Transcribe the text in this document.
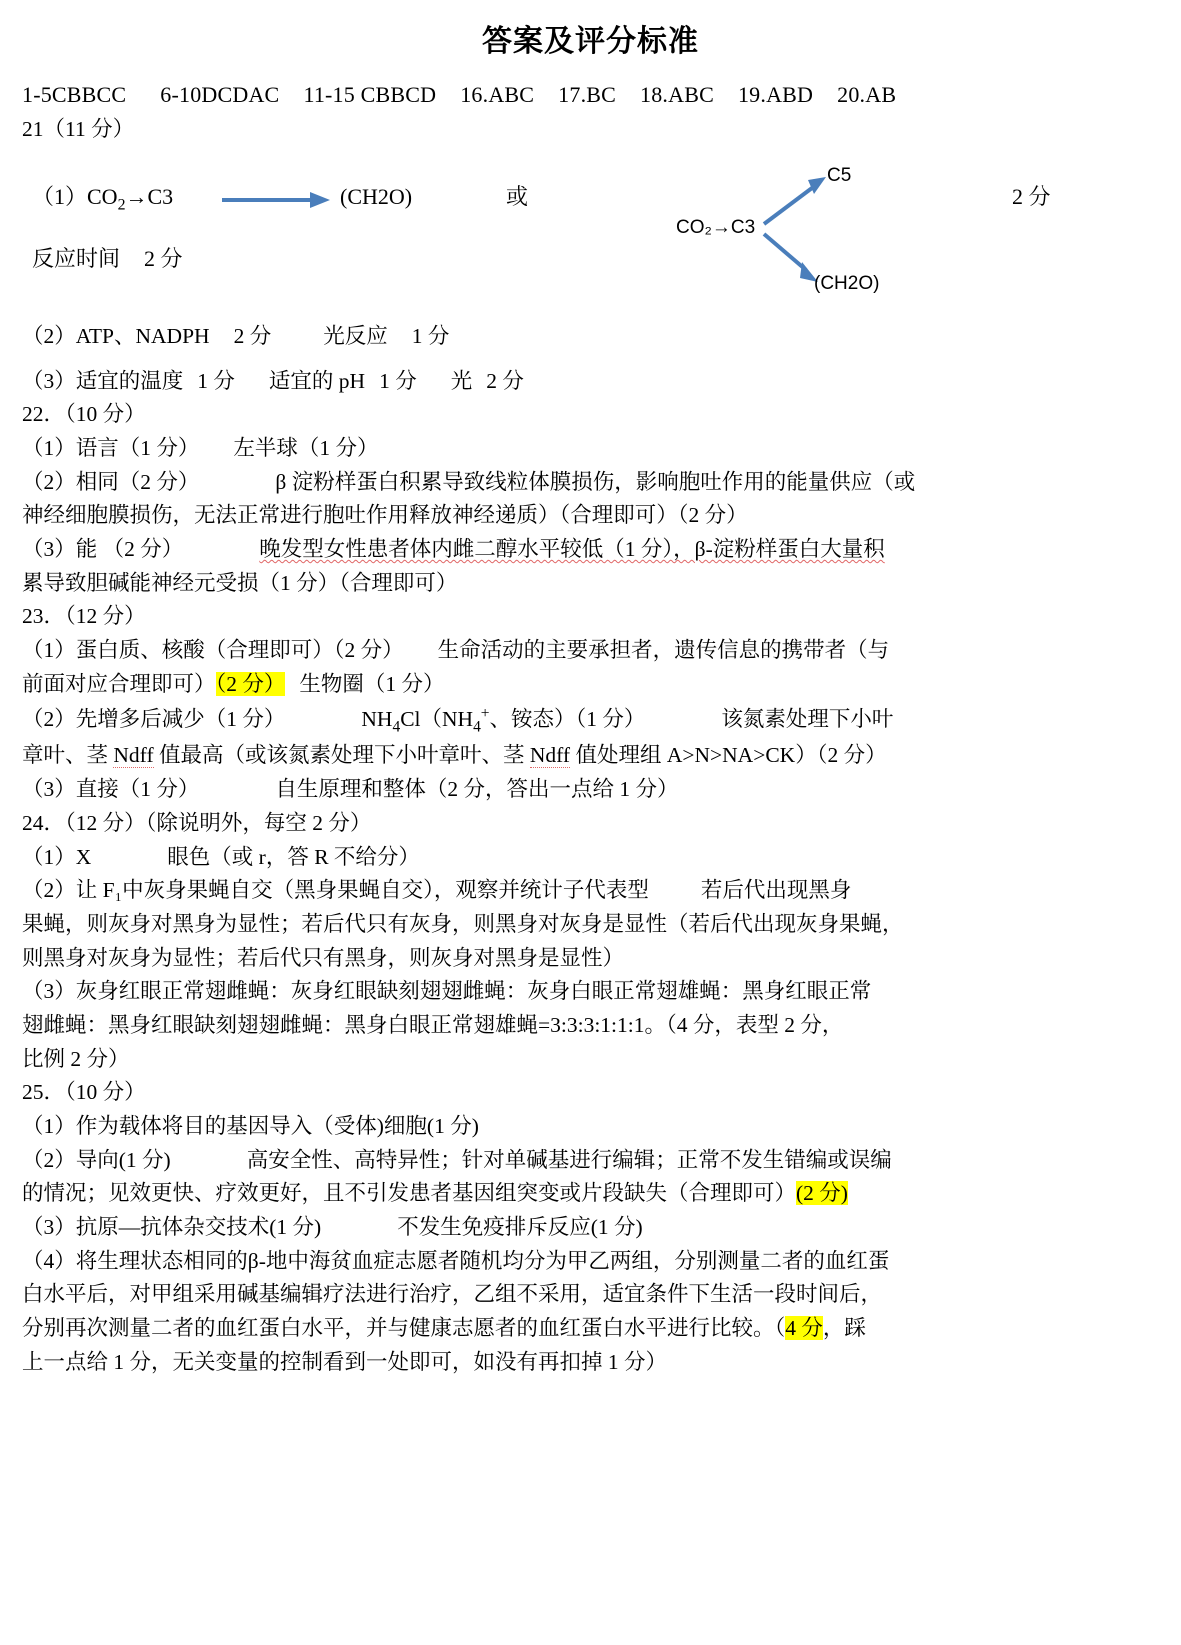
答案及评分标准
1-5CBBCC 6-10DCDAC 11-15 CBBCD 16.ABC 17.BC 18.ABC 19.ABD 20.AB

21（11 分）

$(1)CO_2\to C3$	(CH2O)	或
C5
CO₂→C3
(CH2O)
2 分
反应时间 2 分

（2）ATP、NADPH 2 分 光反应 1 分

（3）适宜的温度 1 分 适宜的 pH 1 分 光 2 分

22．（10 分）

（1）语言（1 分） 左半球（1 分）

（2）相同（2 分）	β 淀粉样蛋白积累导致线粒体膜损伤，影响胞吐作用的能量供应（或

神经细胞膜损伤，无法正常进行胞吐作用释放神经递质）（合理即可）（2 分）

（3）能 （2 分）	晚发型女性患者体内雌二醇水平较低（1 分），β-淀粉样蛋白大量积

累导致胆碱能神经元受损（1 分）（合理即可）

23．（12 分）

（1）蛋白质、核酸（合理即可）（2 分） 生命活动的主要承担者，遗传信息的携带者（与

前面对应合理即可）（2 分） 生物圈（1 分）

（2）先增多后减少（1 分）	$NH_4Cl(NH_4^+$、铵态）（1 分）	该氮素处理下小叶

章叶、茎 Ndff 值最高（或该氮素处理下小叶章叶、茎 Ndff 值处理组 A>N>NA>CK）（2 分）

（3）直接（1 分）	自生原理和整体（2 分，答出一点给 1 分）

24．（12 分）（除说明外，每空 2 分）

（1）X	眼色（或 r，答 R 不给分）

（2）让 F₁中灰身果蝇自交（黑身果蝇自交），观察并统计子代表型 若后代出现黑身

果蝇，则灰身对黑身为显性；若后代只有灰身，则黑身对灰身是显性（若后代出现灰身果蝇，

则黑身对灰身为显性；若后代只有黑身，则灰身对黑身是显性）

（3）灰身红眼正常翅雌蝇：灰身红眼缺刻翅翅雌蝇：灰身白眼正常翅雄蝇：黑身红眼正常

翅雌蝇：黑身红眼缺刻翅翅雌蝇：黑身白眼正常翅雄蝇=3:3:3:1:1:1。（4 分，表型 2 分，

比例 2 分）

25．（10 分）

（1）作为载体将目的基因导入（受体)细胞(1 分)

（2）导向(1 分)	高安全性、高特异性；针对单碱基进行编辑；正常不发生错编或误编

的情况；见效更快、疗效更好，且不引发患者基因组突变或片段缺失（合理即可）(2 分)

（3）抗原—抗体杂交技术(1 分)	不发生免疫排斥反应(1 分)

（4）将生理状态相同的β-地中海贫血症志愿者随机均分为甲乙两组，分别测量二者的血红蛋

白水平后，对甲组采用碱基编辑疗法进行治疗，乙组不采用，适宜条件下生活一段时间后，

分别再次测量二者的血红蛋白水平，并与健康志愿者的血红蛋白水平进行比较。（4 分，踩

上一点给 1 分，无关变量的控制看到一处即可，如没有再扣掉 1 分）
